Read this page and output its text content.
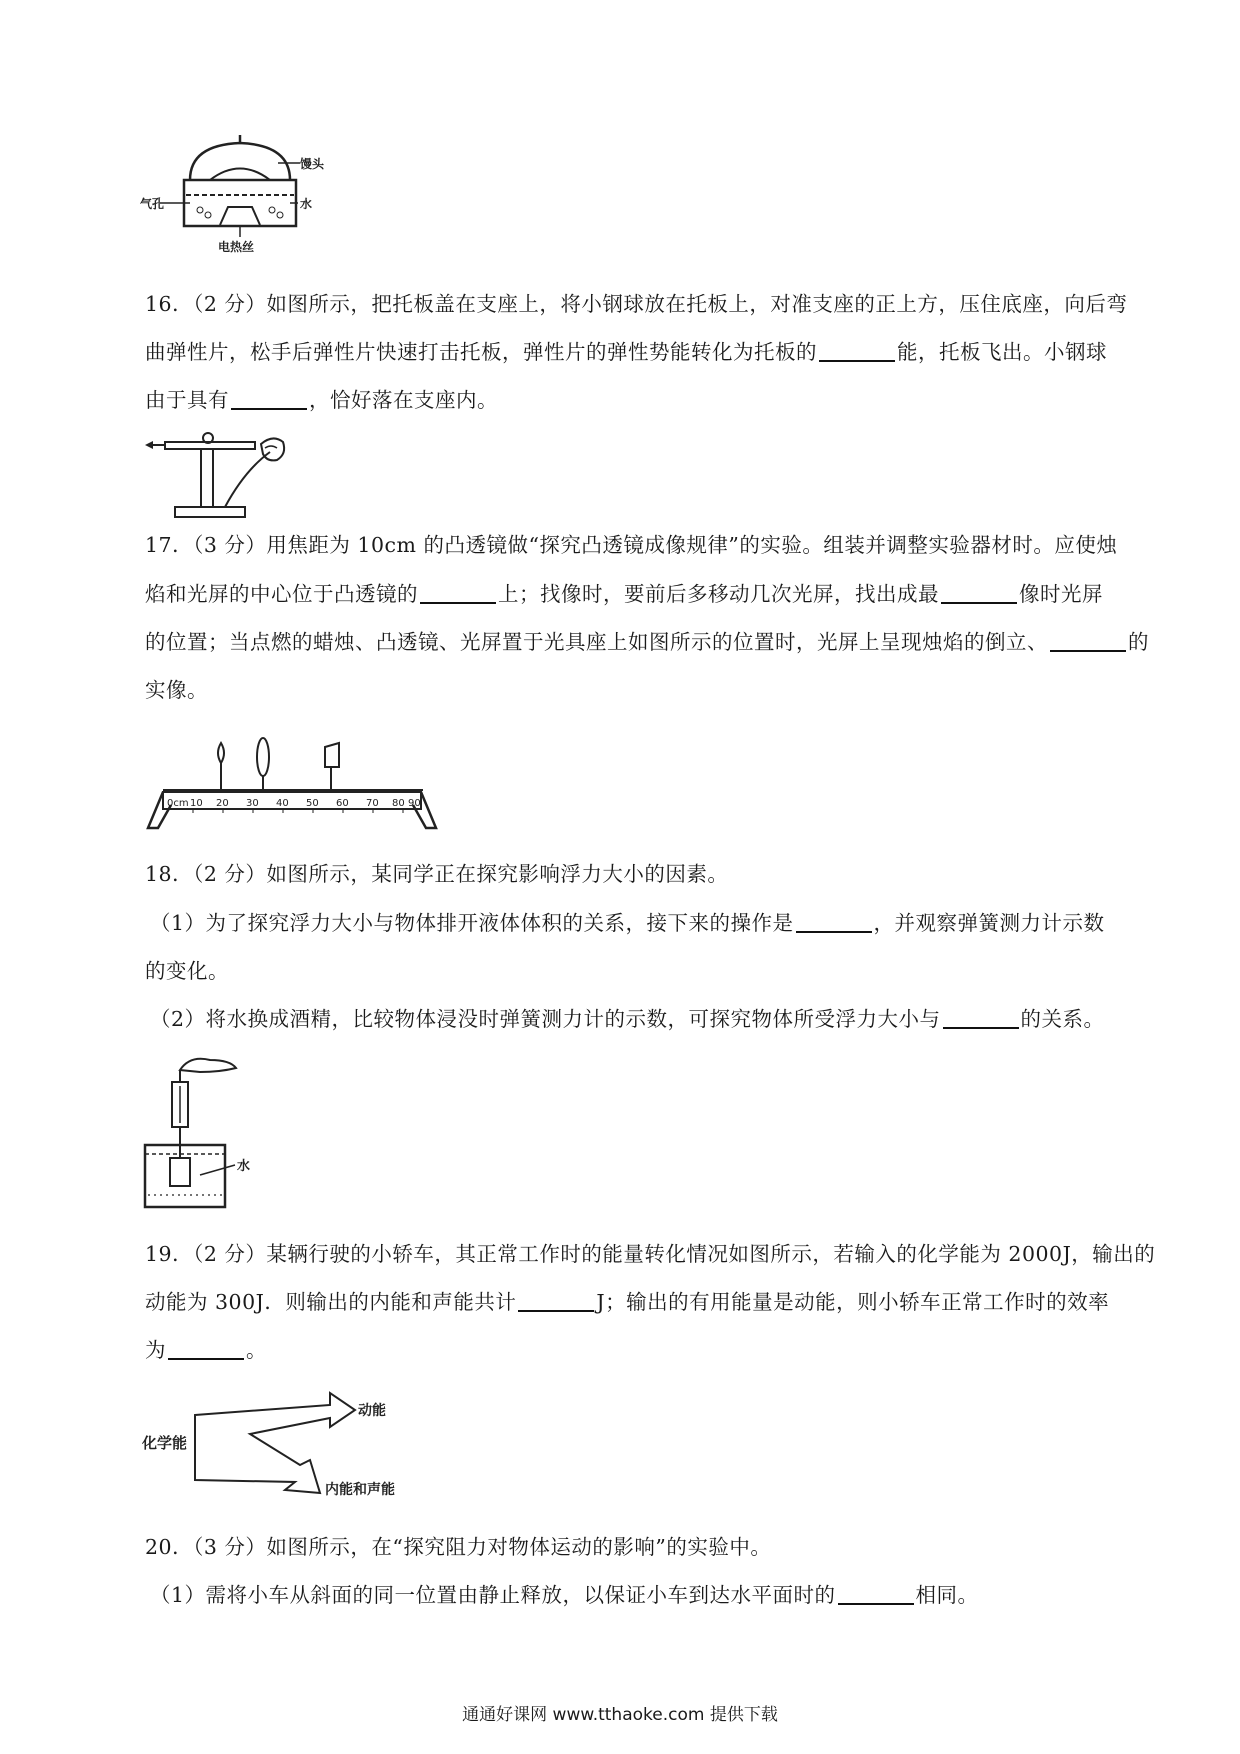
馒头
气孔	水
电热丝
16．（2 分）如图所示，把托板盖在支座上，将小钢球放在托板上，对准支座的正上方，压住底座，向后弯
曲弹性片，松手后弹性片快速打击托板，弹性片的弹性势能转化为托板的	能，托板飞出。小钢球
由于具有	，恰好落在支座内。
17．（3 分）用焦距为 10cm 的凸透镜做“探究凸透镜成像规律”的实验。组装并调整实验器材时。应使烛
焰和光屏的中心位于凸透镜的	上；找像时，要前后多移动几次光屏，找出成最	像时光屏
的位置；当点燃的蜡烛、凸透镜、光屏置于光具座上如图所示的位置时，光屏上呈现烛焰的倒立、	的
实像。
0cm 10 20 30 40 50 60 70 80 90
18．（2 分）如图所示，某同学正在探究影响浮力大小的因素。
（1）为了探究浮力大小与物体排开液体体积的关系，接下来的操作是	，并观察弹簧测力计示数
的变化。
（2）将水换成酒精，比较物体浸没时弹簧测力计的示数，可探究物体所受浮力大小与	的关系。
水
19．（2 分）某辆行驶的小轿车，其正常工作时的能量转化情况如图所示，若输入的化学能为 2000J，输出的
动能为 300J．则输出的内能和声能共计	J；输出的有用能量是动能，则小轿车正常工作时的效率
为	。
化学能
动能
内能和声能
20．（3 分）如图所示，在“探究阻力对物体运动的影响”的实验中。
（1）需将小车从斜面的同一位置由静止释放，以保证小车到达水平面时的	相同。
通通好课网 www.tthaoke.com 提供下载
